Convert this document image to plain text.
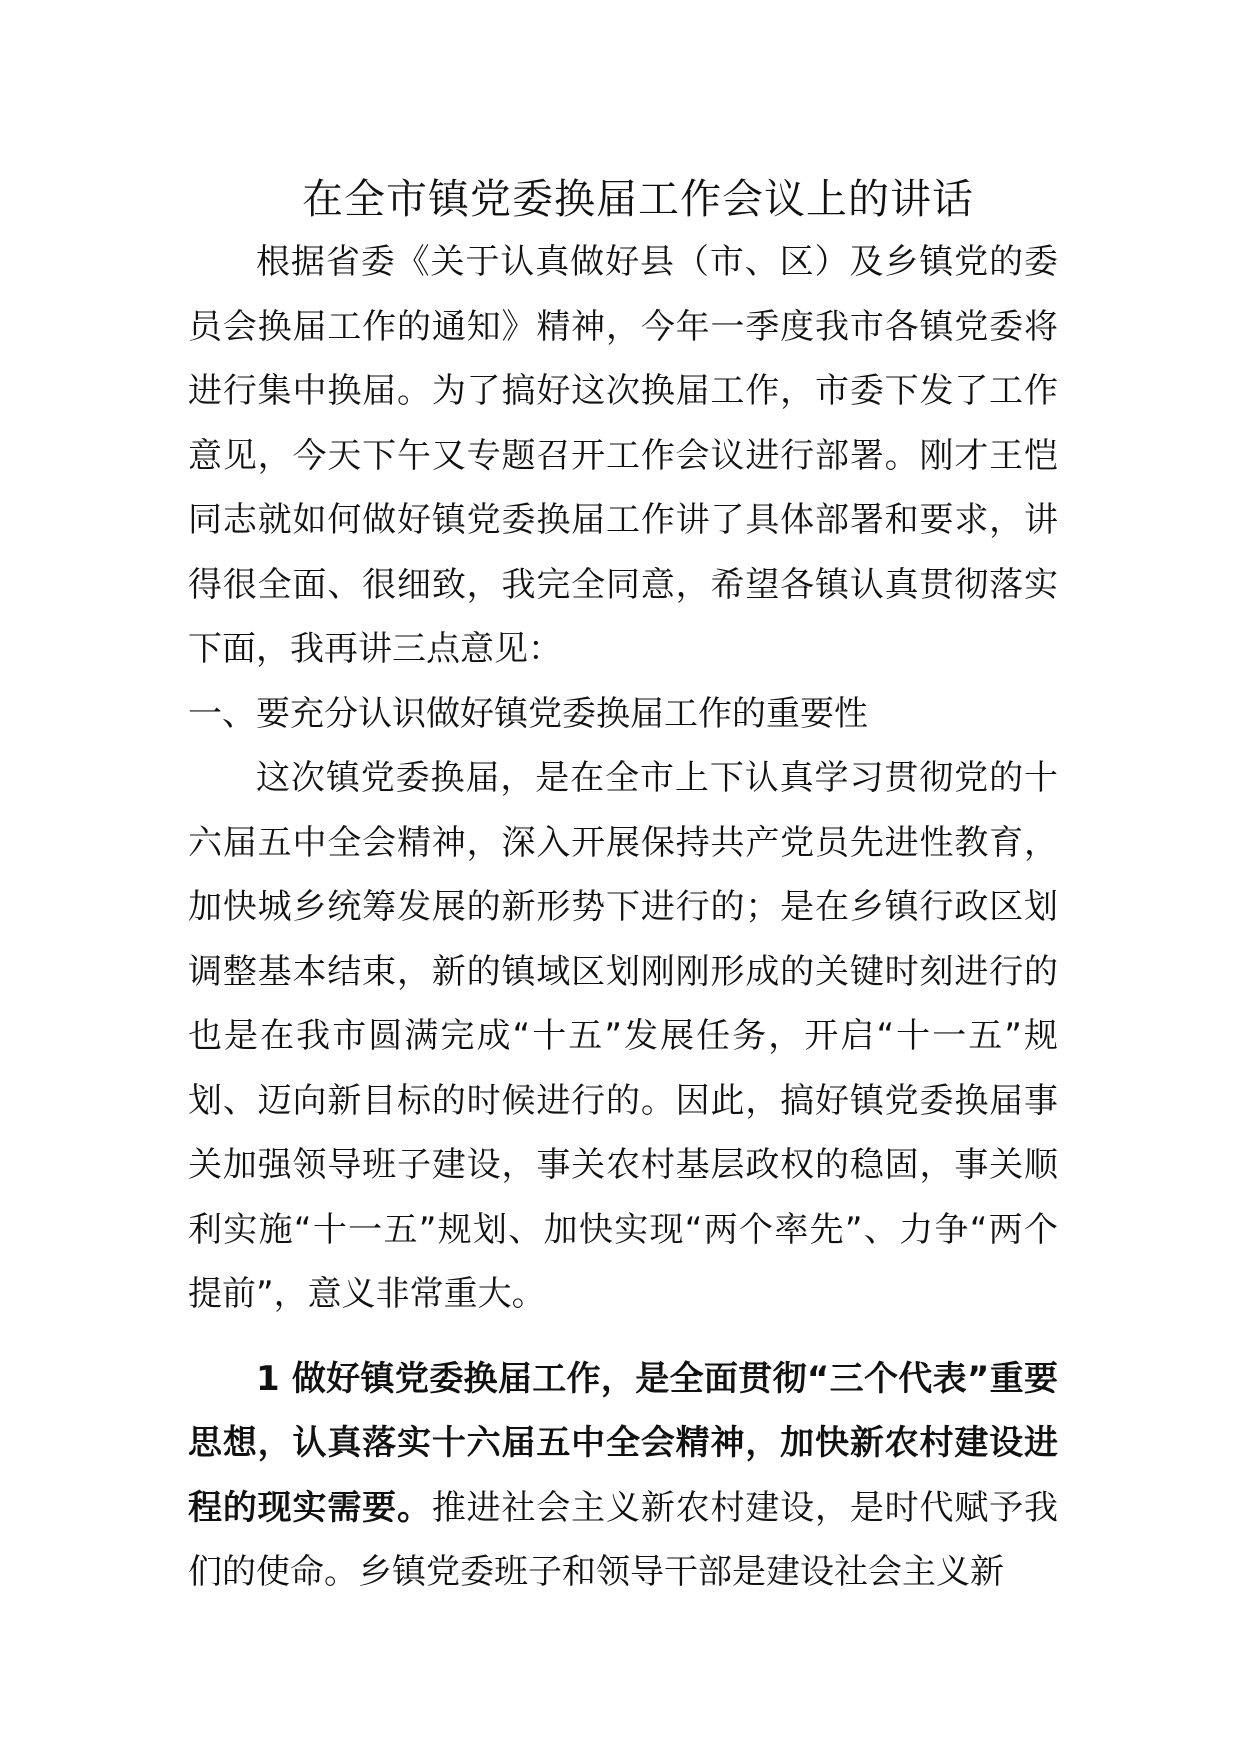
在全市镇党委换届工作会议上的讲话

根据省委《关于认真做好县（市、区）及乡镇党的委员会换届工作的通知》精神，今年一季度我市各镇党委将进行集中换届。为了搞好这次换届工作，市委下发了工作意见，今天下午又专题召开工作会议进行部署。刚才王恺同志就如何做好镇党委换届工作讲了具体部署和要求，讲得很全面、很细致，我完全同意，希望各镇认真贯彻落实下面，我再讲三点意见：

一、要充分认识做好镇党委换届工作的重要性

这次镇党委换届，是在全市上下认真学习贯彻党的十六届五中全会精神，深入开展保持共产党员先进性教育，加快城乡统筹发展的新形势下进行的；是在乡镇行政区划调整基本结束，新的镇域区划刚刚形成的关键时刻进行的也是在我市圆满完成“十五”发展任务，开启“十一五”规划、迈向新目标的时候进行的。因此，搞好镇党委换届事关加强领导班子建设，事关农村基层政权的稳固，事关顺利实施“十一五”规划、加快实现“两个率先”、力争“两个提前”，意义非常重大。

1 做好镇党委换届工作，是全面贯彻“三个代表”重要思想，认真落实十六届五中全会精神，加快新农村建设进程的现实需要。推进社会主义新农村建设，是时代赋予我们的使命。乡镇党委班子和领导干部是建设社会主义新
